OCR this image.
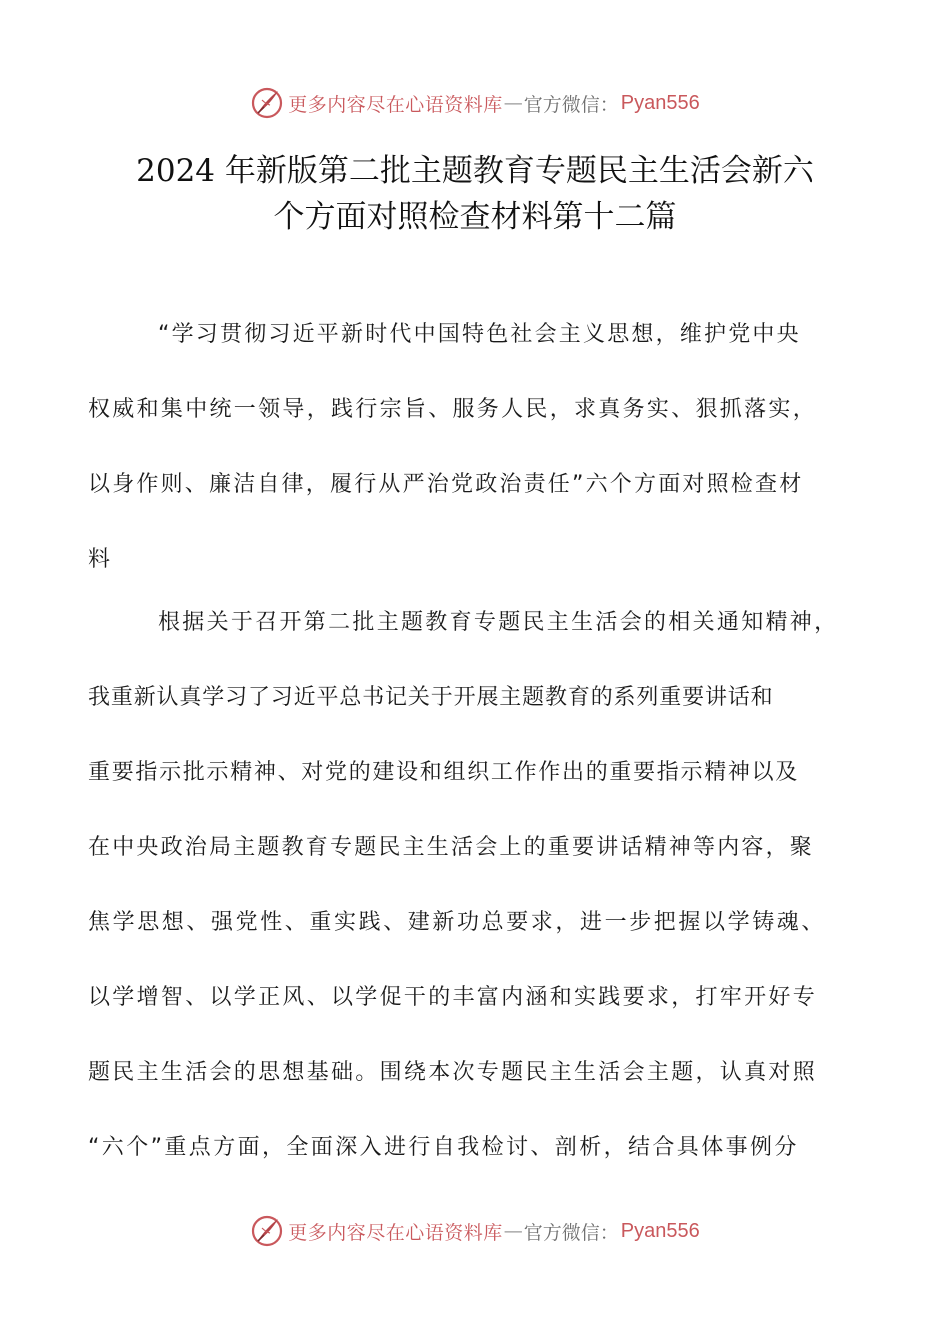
更多内容尽在心语资料库 — 官方微信： Pyan556
2024 年新版第二批主题教育专题民主生活会新六
个方面对照检查材料第十二篇
“学习贯彻习近平新时代中国特色社会主义思想，维护党中央
权威和集中统一领导，践行宗旨、服务人民，求真务实、狠抓落实，
以身作则、廉洁自律，履行从严治党政治责任”六个方面对照检查材
料
根据关于召开第二批主题教育专题民主生活会的相关通知精神，
我重新认真学习了习近平总书记关于开展主题教育的系列重要讲话和
重要指示批示精神、对党的建设和组织工作作出的重要指示精神以及
在中央政治局主题教育专题民主生活会上的重要讲话精神等内容，聚
焦学思想、强党性、重实践、建新功总要求，进一步把握以学铸魂、
以学增智、以学正风、以学促干的丰富内涵和实践要求，打牢开好专
题民主生活会的思想基础。围绕本次专题民主生活会主题，认真对照
“六个”重点方面，全面深入进行自我检讨、剖析，结合具体事例分
更多内容尽在心语资料库 — 官方微信： Pyan556
